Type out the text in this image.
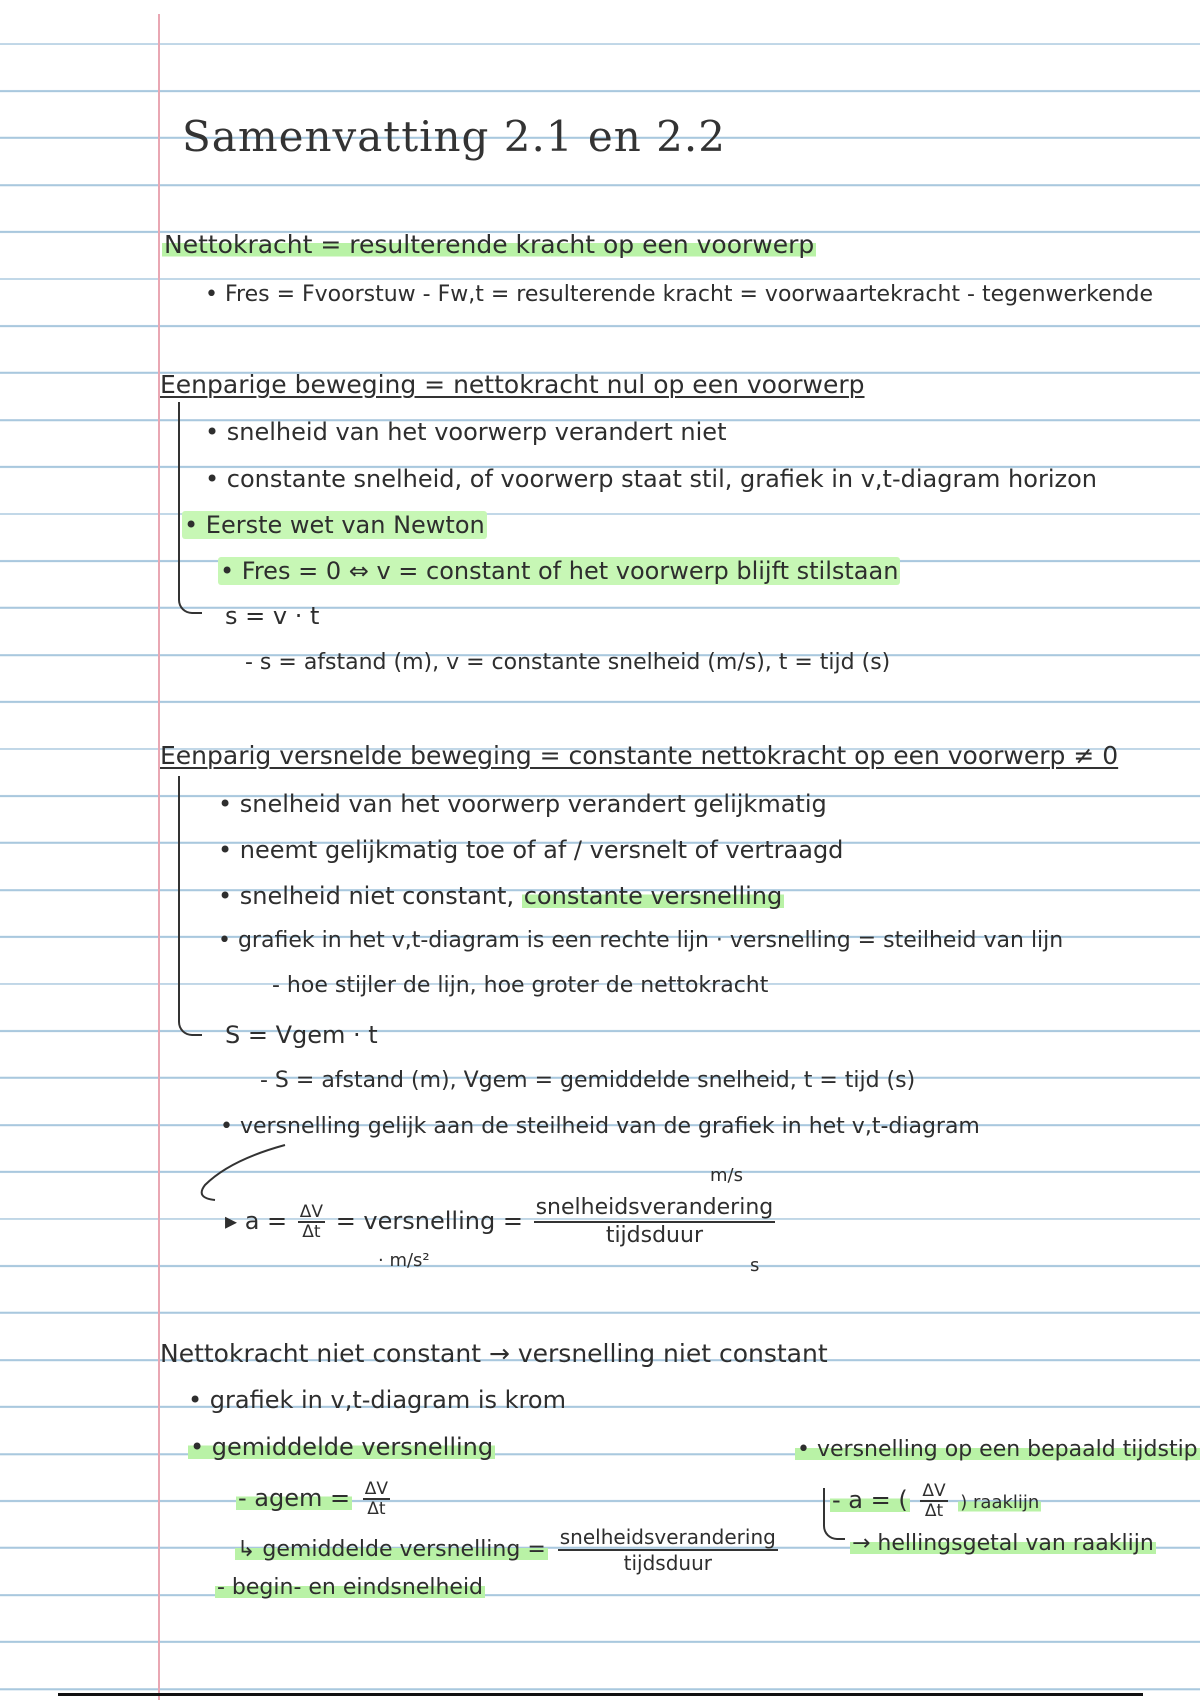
Samenvatting 2.1 en 2.2
Nettokracht = resulterende kracht op een voorwerp
• Fres = Fvoorstuw - Fw,t = resulterende kracht = voorwaartekracht - tegenwerkende
Eenparige beweging = nettokracht nul op een voorwerp
• snelheid van het voorwerp verandert niet
• constante snelheid, of voorwerp staat stil, grafiek in v,t-diagram horizon
• Eerste wet van Newton
• Fres = 0 ⇔ v = constant of het voorwerp blijft stilstaan
s = v · t
- s = afstand (m), v = constante snelheid (m/s), t = tijd (s)
Eenparig versnelde beweging = constante nettokracht op een voorwerp ≠ 0
• snelheid van het voorwerp verandert gelijkmatig
• neemt gelijkmatig toe of af / versnelt of vertraagd
• snelheid niet constant, constante versnelling
• grafiek in het v,t-diagram is een rechte lijn · versnelling = steilheid van lijn
- hoe stijler de lijn, hoe groter de nettokracht
S = Vgem · t
- S = afstand (m), Vgem = gemiddelde snelheid, t = tijd (s)
• versnelling gelijk aan de steilheid van de grafiek in het v,t-diagram
▸ $a = \frac{\Delta V}{\Delta t}$ = versnelling = $\frac{\text{snelheidsverandering}}{\text{tijdsduur}}$
m/s
s
· m/s²
Nettokracht niet constant → versnelling niet constant
• grafiek in v,t-diagram is krom
• gemiddelde versnelling
- agem = $\frac{\Delta V}{\Delta t}$
↳ gemiddelde versnelling = $\frac{\text{snelheidsverandering}}{\text{tijdsduur}}$
- begin- en eindsnelheid
• versnelling op een bepaald tijdstip
- a = ( $\frac{\Delta V}{\Delta t}$ ) raaklijn
→ hellingsgetal van raaklijn
